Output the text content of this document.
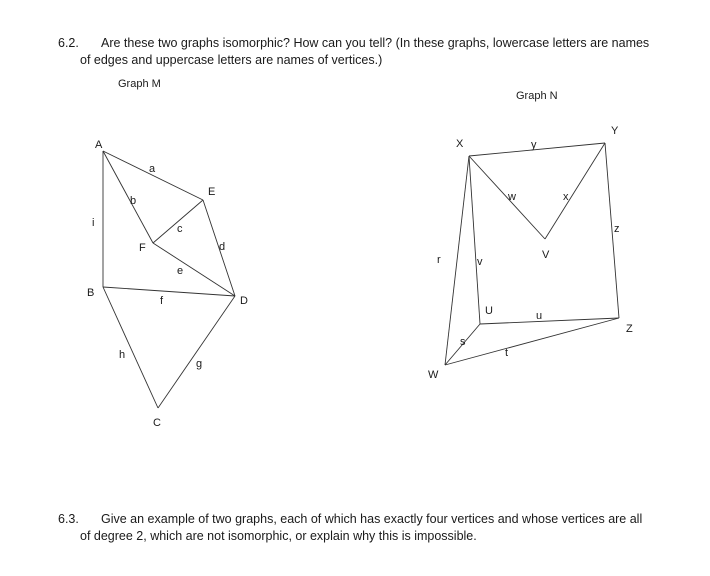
6.2. Are these two graphs isomorphic? How can you tell? (In these graphs, lowercase letters are names
of edges and uppercase letters are names of vertices.)
Graph M
Graph N
A
B
C
D
E
F
a
b
c
d
e
f
g
h
i
X
Y
Z
W
U
V
r
s
t
u
v
w	x
y
z
6.3. Give an example of two graphs, each of which has exactly four vertices and whose vertices are all
of degree 2, which are not isomorphic, or explain why this is impossible.
